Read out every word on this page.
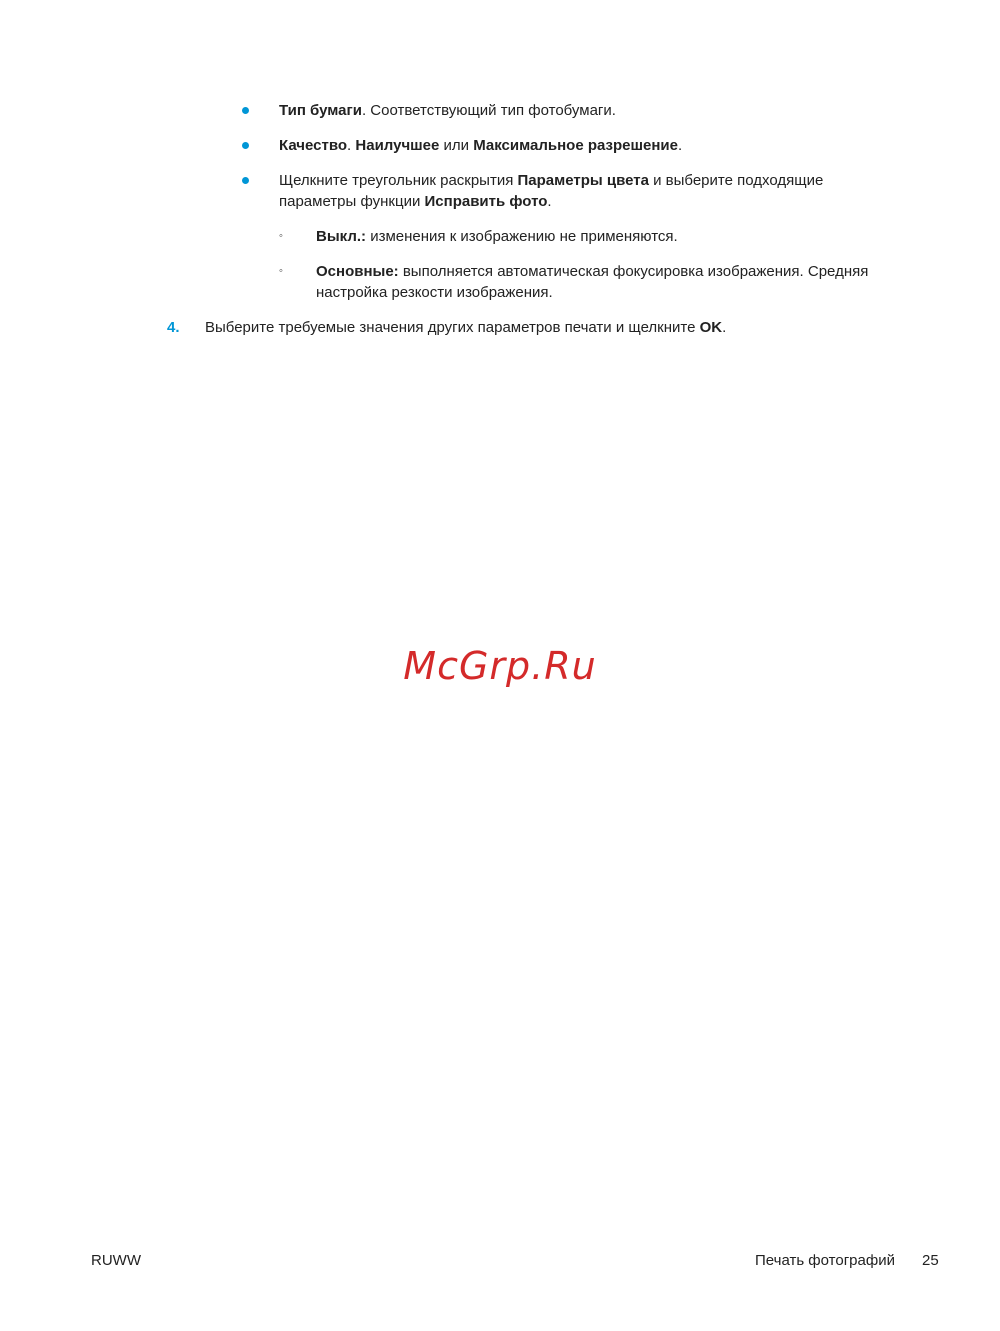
Тип бумаги. Соответствующий тип фотобумаги.
Качество. Наилучшее или Максимальное разрешение.
Щелкните треугольник раскрытия Параметры цвета и выберите подходящие
параметры функции Исправить фото.
◦ Выкл.: изменения к изображению не применяются.
◦ Основные: выполняется автоматическая фокусировка изображения. Средняя
настройка резкости изображения.
4. Выберите требуемые значения других параметров печати и щелкните OK.
McGrp.Ru
RUWW	Печать фотографий 25
